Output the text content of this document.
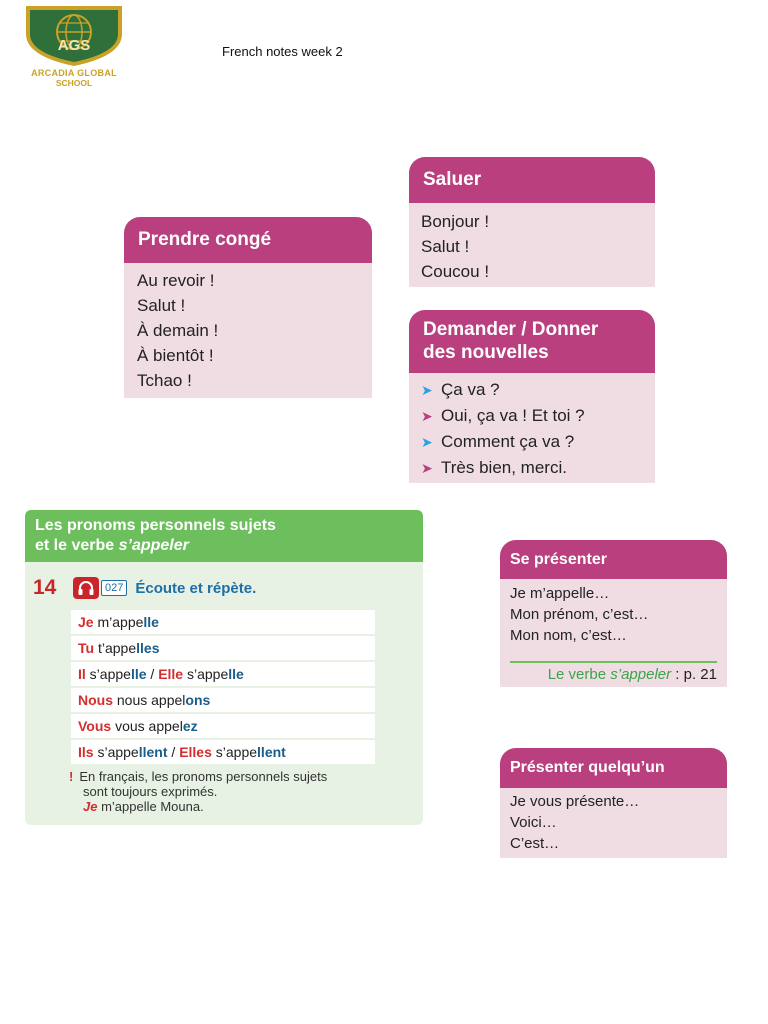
AGS
ARCADIA GLOBAL
SCHOOL
French notes week 2
Saluer
Bonjour !
Salut !
Coucou !
Prendre congé
Au revoir !
Salut !
À demain !
À bientôt !
Tchao !
Demander / Donner
des nouvelles
➤ Ça va ?
➤ Oui, ça va ! Et toi ?
➤ Comment ça va ?
➤ Très bien, merci.
Les pronoms personnels sujets
et le verbe s’appeler
14	027 Écoute et répète.
Je m’appelle
Tu t’appelles
Il s’appelle / Elle s’appelle
Nous nous appelons
Vous vous appelez
Ils s’appellent / Elles s’appellent
! En français, les pronoms personnels sujets
sont toujours exprimés.
Je m’appelle Mouna.
Se présenter
Je m’appelle…
Mon prénom, c’est…
Mon nom, c’est…
Le verbe s’appeler : p. 21
Présenter quelqu’un
Je vous présente…
Voici…
C’est…
